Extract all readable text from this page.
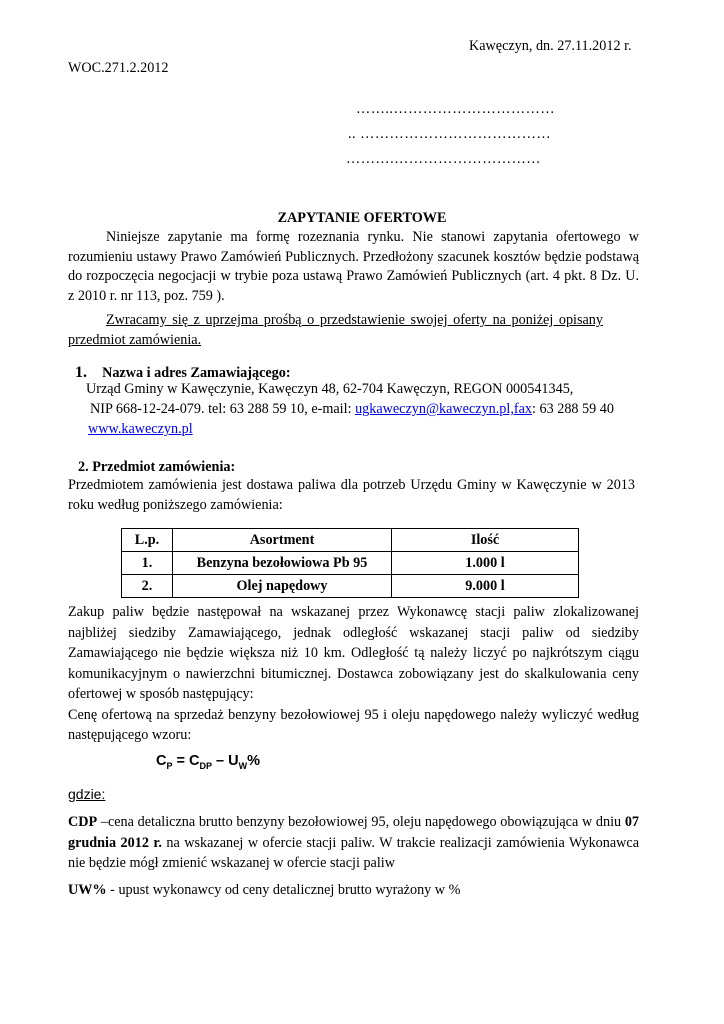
Kawęczyn, dn. 27.11.2012 r.
WOC.271.2.2012
……..……………………………
.. …………………………………
……….…………………………
ZAPYTANIE OFERTOWE
Niniejsze zapytanie ma formę rozeznania rynku. Nie stanowi zapytania ofertowego w rozumieniu ustawy Prawo Zamówień Publicznych. Przedłożony szacunek kosztów będzie podstawą do rozpoczęcia negocjacji w trybie poza ustawą Prawo Zamówień Publicznych (art. 4 pkt. 8 Dz. U. z 2010 r. nr 113, poz. 759 ).
Zwracamy się z uprzejma prośbą o przedstawienie swojej oferty na poniżej opisany przedmiot zamówienia.
1. Nazwa i adres Zamawiającego:
Urząd Gminy w Kawęczynie, Kawęczyn 48, 62-704 Kawęczyn, REGON 000541345,
NIP 668-12-24-079. tel: 63 288 59 10, e-mail: ugkaweczyn@kaweczyn.pl,fax: 63 288 59 40
www.kaweczyn.pl
2. Przedmiot zamówienia:
Przedmiotem zamówienia jest dostawa paliwa dla potrzeb Urzędu Gminy w Kawęczynie w 2013 roku według poniższego zamówienia:
L.p.	Asortment	Ilość
1.	Benzyna bezołowiowa Pb 95	1.000 l
2.	Olej napędowy	9.000 l
Zakup paliw będzie następował na wskazanej przez Wykonawcę stacji paliw zlokalizowanej najbliżej siedziby Zamawiającego, jednak odległość wskazanej stacji paliw od siedziby Zamawiającego nie będzie większa niż 10 km. Odległość tą należy liczyć po najkrótszym ciągu komunikacyjnym o nawierzchni bitumicznej. Dostawca zobowiązany jest do skalkulowania ceny ofertowej w sposób następujący:
Cenę ofertową na sprzedaż benzyny bezołowiowej 95 i oleju napędowego należy wyliczyć według następującego wzoru:
$C_P = C_{DP} - U_W\%$
gdzie:
CDP –cena detaliczna brutto benzyny bezołowiowej 95, oleju napędowego obowiązująca w dniu 07 grudnia 2012 r. na wskazanej w ofercie stacji paliw. W trakcie realizacji zamówienia Wykonawca nie będzie mógł zmienić wskazanej w ofercie stacji paliw
UW% - upust wykonawcy od ceny detalicznej brutto wyrażony w %
